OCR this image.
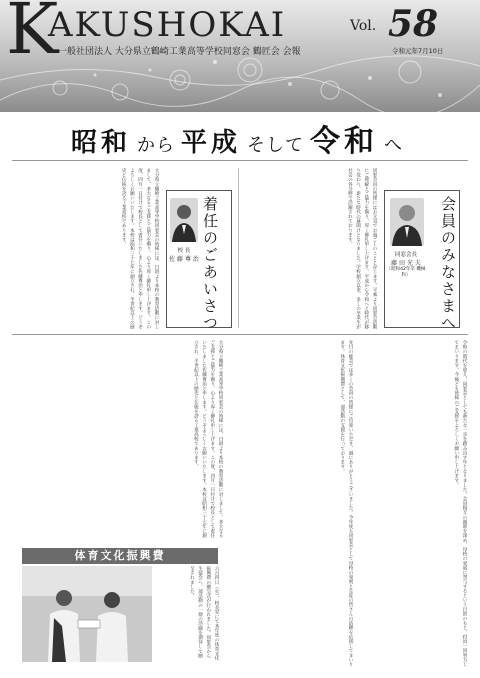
K
AKUSHOKAI	Vol. 58
一般社団法人 大分県立鶴崎工業高等学校同窓会 鶴匠会 会報	令和元年7月10日
昭和 から 平成 そして 令和 へ
大分県立鶴崎工業高等学校同窓会の皆様には、日頃より本校の教育活動に対しまして、多大なるご支援とご協力を賜り、心より厚く御礼申し上げます。この度、四月一日付けで校長として着任いたしました佐藤尊治と申します。どうぞよろしくお願いいたします。本校は昭和三十七年に創立され、半世紀以上の歴史と伝統を誇る工業高校であります。	着任のごあいさつ
校 長
佐 藤 尊 治	会員のみなさまへ
同窓会長
藤 田 光 夫
（昭和42年卒 機械科）
同窓会員の皆様にはお元気でお過ごしのことと存じます。平素より同窓会活動にご理解とご協力を賜り、厚く御礼申し上げます。平成から令和へと時代が移り変わり、新たな時代の幕開けとなりました。学校創立以来、多くの卒業生が社会の各分野で活躍されております。
大分県立鶴崎工業高等学校同窓会の皆様には、日頃より本校の教育活動に対しまして、多大なるご支援とご協力を賜り、心より厚く御礼申し上げます。この度、四月一日付けで校長として着任いたしました佐藤尊治と申します。どうぞよろしくお願いいたします。本校は昭和三十七年に創立され、半世紀以上の歴史と伝統を誇る工業高校であります。	先日の総会では多くの会員の皆様にご出席いただき、誠にありがとうございました。今年度も同窓会として母校の発展と生徒の皆さんの活躍を応援してまいります。体育文化振興費として、部活動の支援を行っております。	令和の時代を迎え、同窓会としても新たな一歩を踏み出す年となりました。会員相互の親睦を深め、母校の発展に寄与するという目的のもと、役員一同努力してまいります。今後とも皆様のご支援をよろしくお願い申し上げます。
体育文化振興費
六月四日（火）、校長室にて本年度の体育文化振興費の贈呈式が行われました。同窓会から生徒会へ、部活動の一層の活躍を期待して贈呈されました。
